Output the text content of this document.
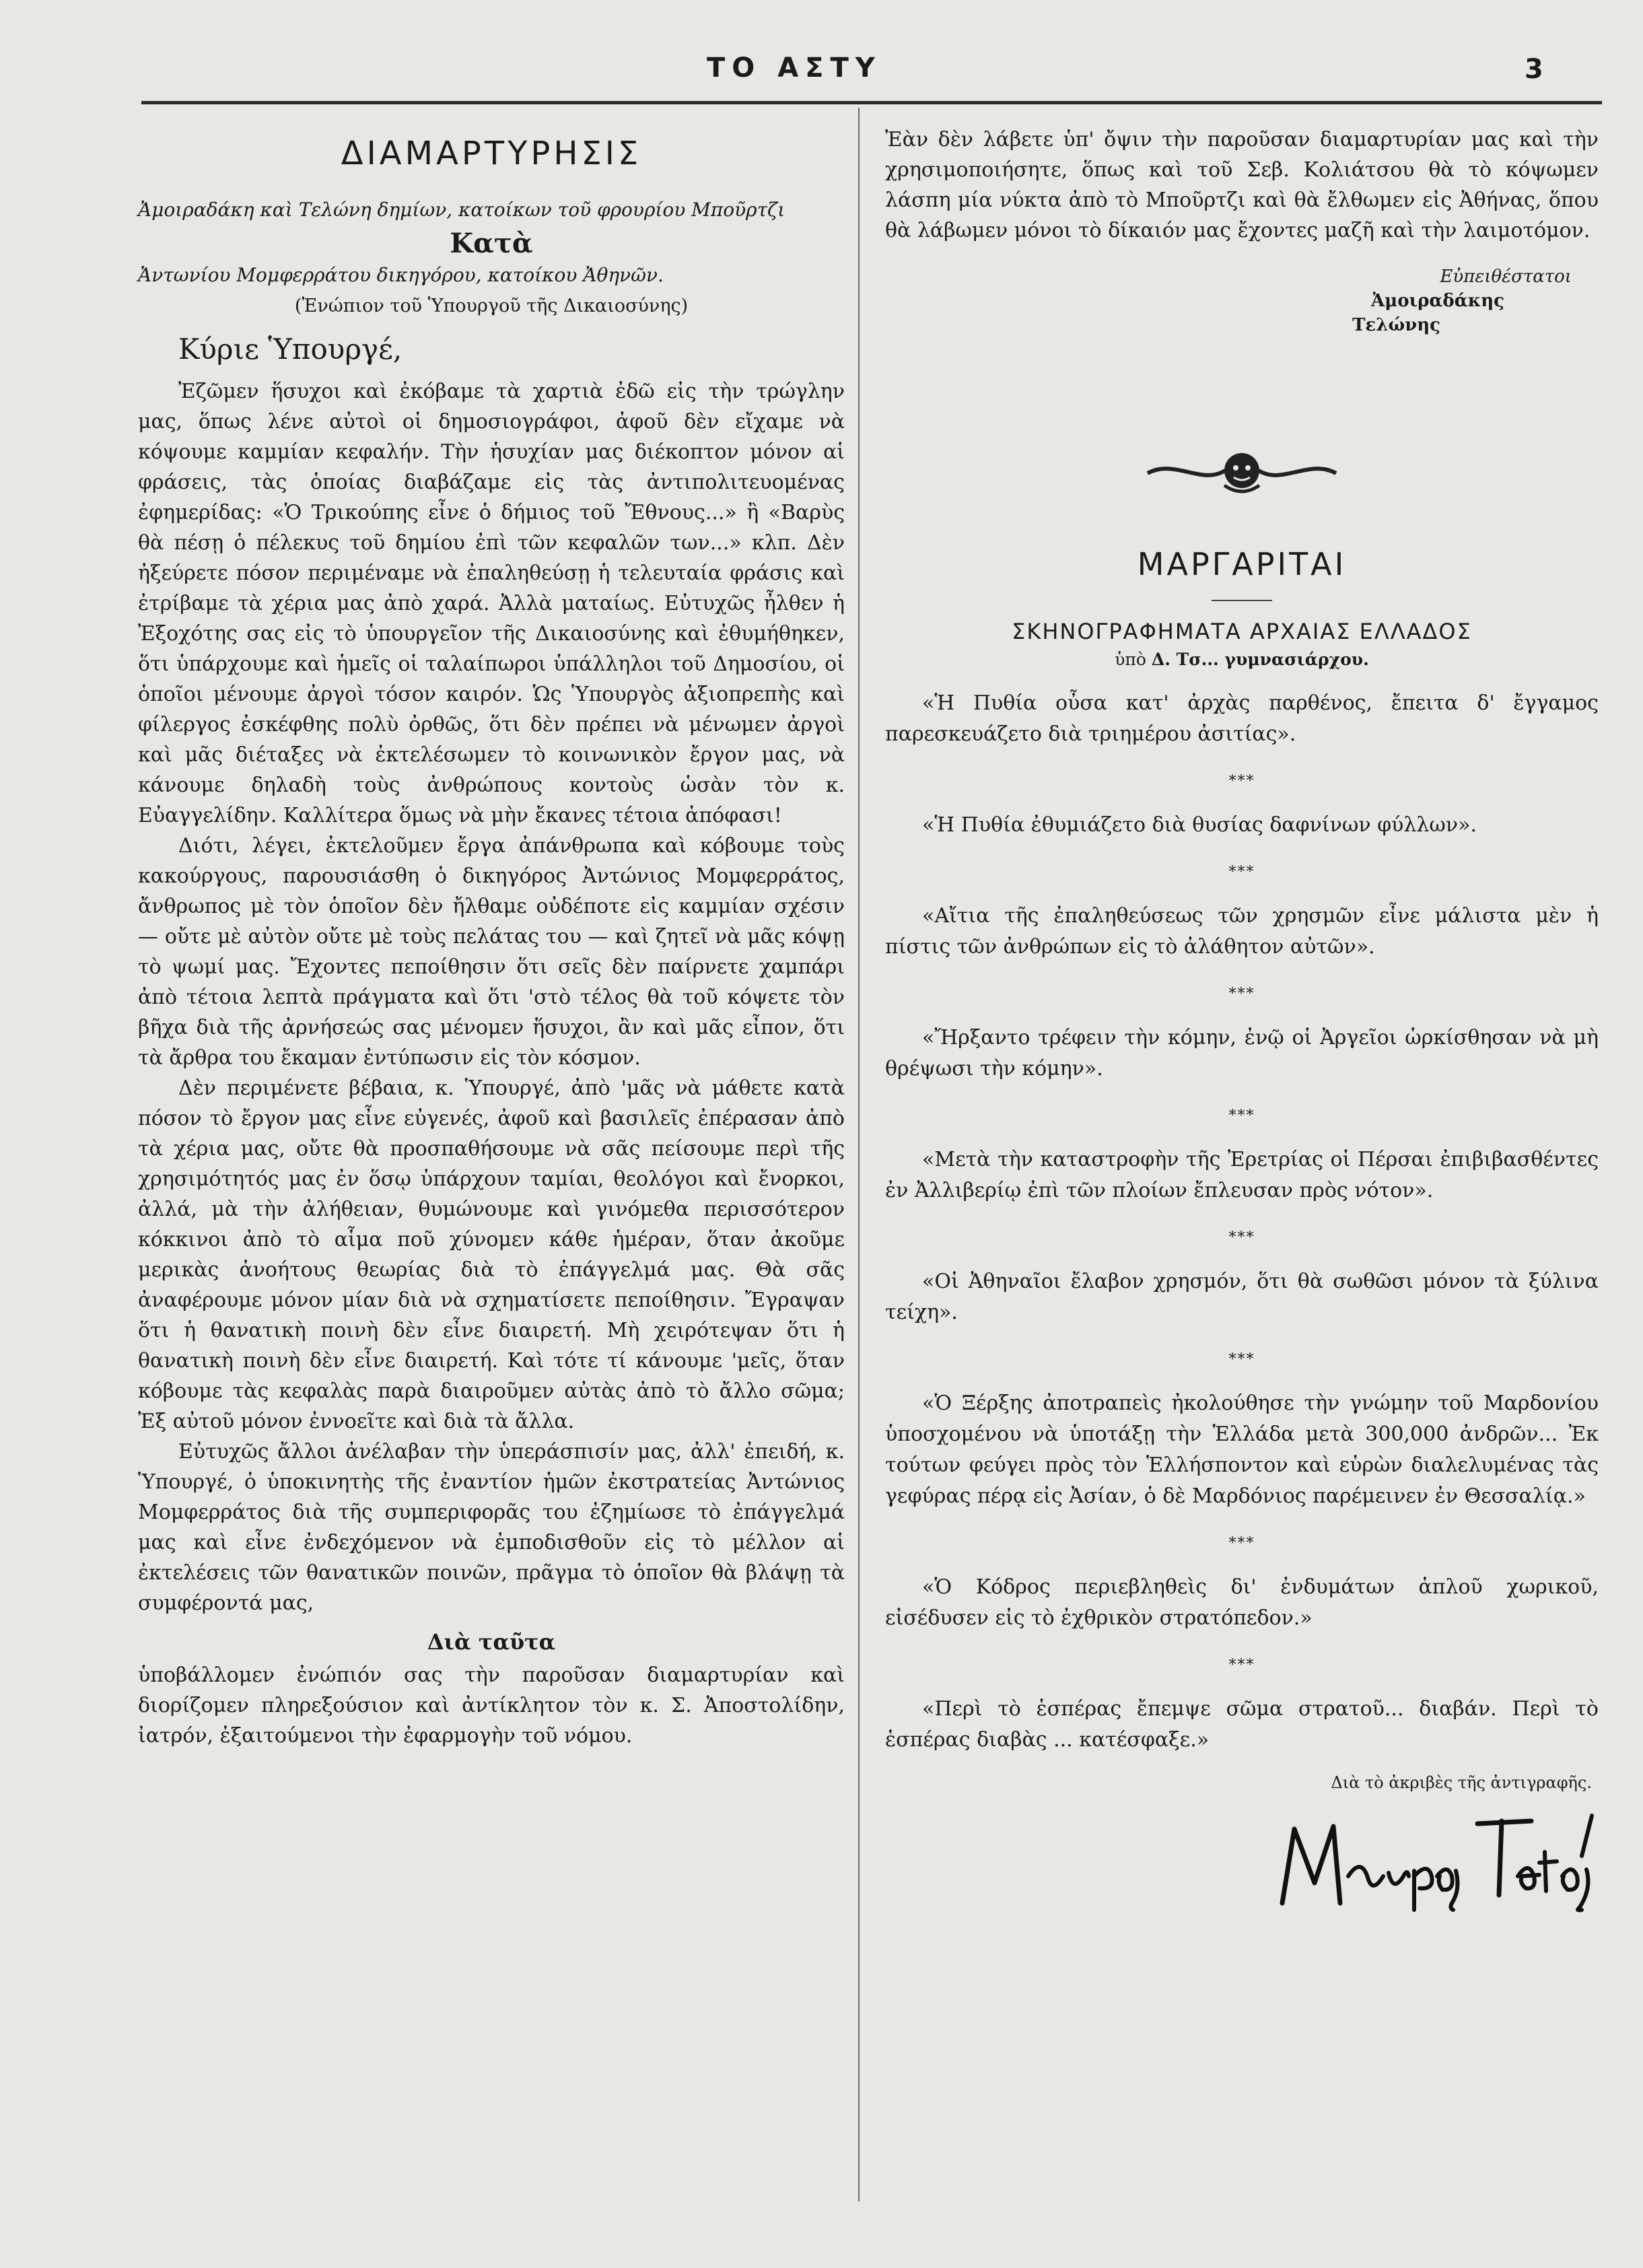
ΤΟ ΑΣΤΥ	3

ΔΙΑΜΑΡΤΥΡΗΣΙΣ

Ἀμοιραδάκη καὶ Τελώνη δημίων, κατοίκων τοῦ φρουρίου Μποῦρτζι

Κατὰ

Ἀντωνίου Μομφερράτου δικηγόρου, κατοίκου Ἀθηνῶν.

(Ἐνώπιον τοῦ Ὑπουργοῦ τῆς Δικαιοσύνης)

Κύριε Ὑπουργέ,

Ἐζῶμεν ἥσυχοι καὶ ἐκόβαμε τὰ χαρτιὰ ἐδῶ εἰς τὴν τρώγλην μας, ὅπως λένε αὐτοὶ οἱ δημοσιογράφοι, ἀφοῦ δὲν εἴχαμε νὰ κόψουμε καμμίαν κεφαλήν. Τὴν ἡσυχίαν μας διέκοπτον μόνον αἱ φράσεις, τὰς ὁποίας διαβάζαμε εἰς τὰς ἀντιπολιτευομένας ἐφημερίδας: «Ὁ Τρικούπης εἶνε ὁ δήμιος τοῦ Ἔθνους...» ἢ «Βαρὺς θὰ πέσῃ ὁ πέλεκυς τοῦ δημίου ἐπὶ τῶν κεφαλῶν των...» κλπ. Δὲν ἠξεύρετε πόσον περιμέναμε νὰ ἐπαληθεύσῃ ἡ τελευταία φράσις καὶ ἐτρίβαμε τὰ χέρια μας ἀπὸ χαρά. Ἀλλὰ ματαίως. Εὐτυχῶς ἦλθεν ἡ Ἐξοχότης σας εἰς τὸ ὑπουργεῖον τῆς Δικαιοσύνης καὶ ἐθυμήθηκεν, ὅτι ὑπάρχουμε καὶ ἡμεῖς οἱ ταλαίπωροι ὑπάλληλοι τοῦ Δημοσίου, οἱ ὁποῖοι μένουμε ἀργοὶ τόσον καιρόν. Ὡς Ὑπουργὸς ἀξιοπρεπὴς καὶ φίλεργος ἐσκέφθης πολὺ ὀρθῶς, ὅτι δὲν πρέπει νὰ μένωμεν ἀργοὶ καὶ μᾶς διέταξες νὰ ἐκτελέσωμεν τὸ κοινωνικὸν ἔργον μας, νὰ κάνουμε δηλαδὴ τοὺς ἀνθρώπους κοντοὺς ὡσὰν τὸν κ. Εὐαγγελίδην. Καλλίτερα ὅμως νὰ μὴν ἔκανες τέτοια ἀπόφασι!

Διότι, λέγει, ἐκτελοῦμεν ἔργα ἀπάνθρωπα καὶ κόβουμε τοὺς κακούργους, παρουσιάσθη ὁ δικηγόρος Ἀντώνιος Μομφερράτος, ἄνθρωπος μὲ τὸν ὁποῖον δὲν ἤλθαμε οὐδέποτε εἰς καμμίαν σχέσιν — οὔτε μὲ αὐτὸν οὔτε μὲ τοὺς πελάτας του — καὶ ζητεῖ νὰ μᾶς κόψῃ τὸ ψωμί μας. Ἔχοντες πεποίθησιν ὅτι σεῖς δὲν παίρνετε χαμπάρι ἀπὸ τέτοια λεπτὰ πράγματα καὶ ὅτι 'στὸ τέλος θὰ τοῦ κόψετε τὸν βῆχα διὰ τῆς ἀρνήσεώς σας μένομεν ἥσυχοι, ἂν καὶ μᾶς εἶπον, ὅτι τὰ ἄρθρα του ἔκαμαν ἐντύπωσιν εἰς τὸν κόσμον.

Δὲν περιμένετε βέβαια, κ. Ὑπουργέ, ἀπὸ 'μᾶς νὰ μάθετε κατὰ πόσον τὸ ἔργον μας εἶνε εὐγενές, ἀφοῦ καὶ βασιλεῖς ἐπέρασαν ἀπὸ τὰ χέρια μας, οὔτε θὰ προσπαθήσουμε νὰ σᾶς πείσουμε περὶ τῆς χρησιμότητός μας ἐν ὅσῳ ὑπάρχουν ταμίαι, θεολόγοι καὶ ἔνορκοι, ἀλλά, μὰ τὴν ἀλήθειαν, θυμώνουμε καὶ γινόμεθα περισσότερον κόκκινοι ἀπὸ τὸ αἷμα ποῦ χύνομεν κάθε ἡμέραν, ὅταν ἀκοῦμε μερικὰς ἀνοήτους θεωρίας διὰ τὸ ἐπάγγελμά μας. Θὰ σᾶς ἀναφέρουμε μόνον μίαν διὰ νὰ σχηματίσετε πεποίθησιν. Ἔγραψαν ὅτι ἡ θανατικὴ ποινὴ δὲν εἶνε διαιρετή. Μὴ χειρότεψαν ὅτι ἡ θανατικὴ ποινὴ δὲν εἶνε διαιρετή. Καὶ τότε τί κάνουμε 'μεῖς, ὅταν κόβουμε τὰς κεφαλὰς παρὰ διαιροῦμεν αὐτὰς ἀπὸ τὸ ἄλλο σῶμα; Ἐξ αὐτοῦ μόνον ἐννοεῖτε καὶ διὰ τὰ ἄλλα.

Εὐτυχῶς ἄλλοι ἀνέλαβαν τὴν ὑπεράσπισίν μας, ἀλλ' ἐπειδή, κ. Ὑπουργέ, ὁ ὑποκινητὴς τῆς ἐναντίον ἡμῶν ἐκστρατείας Ἀντώνιος Μομφερράτος διὰ τῆς συμπεριφορᾶς του ἐζημίωσε τὸ ἐπάγγελμά μας καὶ εἶνε ἐνδεχόμενον νὰ ἐμποδισθοῦν εἰς τὸ μέλλον αἱ ἐκτελέσεις τῶν θανατικῶν ποινῶν, πρᾶγμα τὸ ὁποῖον θὰ βλάψῃ τὰ συμφέροντά μας,

Διὰ ταῦτα

ὑποβάλλομεν ἐνώπιόν σας τὴν παροῦσαν διαμαρτυρίαν καὶ διορίζομεν πληρεξούσιον καὶ ἀντίκλητον τὸν κ. Σ. Ἀποστολίδην, ἰατρόν, ἐξαιτούμενοι τὴν ἐφαρμογὴν τοῦ νόμου.

Ἐὰν δὲν λάβετε ὑπ' ὄψιν τὴν παροῦσαν διαμαρτυρίαν μας καὶ τὴν χρησιμοποιήσητε, ὅπως καὶ τοῦ Σεβ. Κολιάτσου θὰ τὸ κόψωμεν λάσπη μία νύκτα ἀπὸ τὸ Μποῦρτζι καὶ θὰ ἔλθωμεν εἰς Ἀθήνας, ὅπου θὰ λάβωμεν μόνοι τὸ δίκαιόν μας ἔχοντες μαζῆ καὶ τὴν λαιμοτόμον.

Εὐπειθέστατοι
Ἀμοιραδάκης
Τελώνης

ΜΑΡΓΑΡΙΤΑΙ

ΣΚΗΝΟΓΡΑΦΗΜΑΤΑ ΑΡΧΑΙΑΣ ΕΛΛΑΔΟΣ

ὑπὸ Δ. Τσ... γυμνασιάρχου.

«Ἡ Πυθία οὖσα κατ' ἀρχὰς παρθένος, ἔπειτα δ' ἔγγαμος παρεσκευάζετο διὰ τριημέρου ἀσιτίας».

***

«Ἡ Πυθία ἐθυμιάζετο διὰ θυσίας δαφνίνων φύλλων».

***

«Αἴτια τῆς ἐπαληθεύσεως τῶν χρησμῶν εἶνε μάλιστα μὲν ἡ πίστις τῶν ἀνθρώπων εἰς τὸ ἀλάθητον αὐτῶν».

***

«Ἤρξαντο τρέφειν τὴν κόμην, ἐνῷ οἱ Ἀργεῖοι ὡρκίσθησαν νὰ μὴ θρέψωσι τὴν κόμην».

***

«Μετὰ τὴν καταστροφὴν τῆς Ἐρετρίας οἱ Πέρσαι ἐπιβιβασθέντες ἐν Ἀλλιβερίῳ ἐπὶ τῶν πλοίων ἔπλευσαν πρὸς νότον».

***

«Οἱ Ἀθηναῖοι ἔλαβον χρησμόν, ὅτι θὰ σωθῶσι μόνον τὰ ξύλινα τείχη».

***

«Ὁ Ξέρξης ἀποτραπεὶς ἠκολούθησε τὴν γνώμην τοῦ Μαρδονίου ὑποσχομένου νὰ ὑποτάξῃ τὴν Ἑλλάδα μετὰ 300,000 ἀνδρῶν... Ἐκ τούτων φεύγει πρὸς τὸν Ἑλλήσποντον καὶ εὑρὼν διαλελυμένας τὰς γεφύρας πέρᾳ εἰς Ἀσίαν, ὁ δὲ Μαρδόνιος παρέμεινεν ἐν Θεσσαλίᾳ.»

***

«Ὁ Κόδρος περιεβληθεὶς δι' ἐνδυμάτων ἁπλοῦ χωρικοῦ, εἰσέδυσεν εἰς τὸ ἐχθρικὸν στρατόπεδον.»

***

«Περὶ τὸ ἑσπέρας ἔπεμψε σῶμα στρατοῦ... διαβάν. Περὶ τὸ ἑσπέρας διαβὰς ... κατέσφαξε.»

Διὰ τὸ ἀκριβὲς τῆς ἀντιγραφῆς.
